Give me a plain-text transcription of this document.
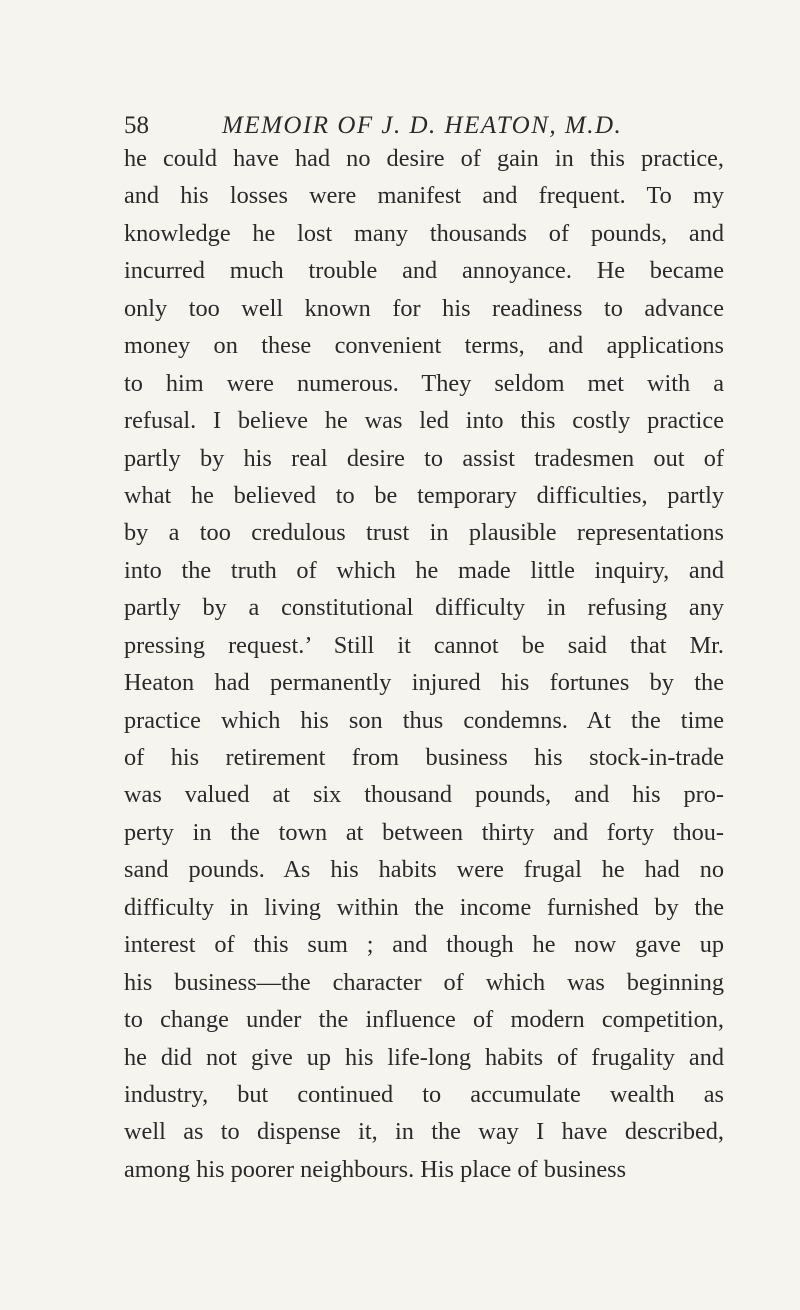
58	MEMOIR OF J. D. HEATON, M.D.
he could have had no desire of gain in this practice,
and his losses were manifest and frequent. To my
knowledge he lost many thousands of pounds, and
incurred much trouble and annoyance. He became
only too well known for his readiness to advance
money on these convenient terms, and applications
to him were numerous. They seldom met with a
refusal. I believe he was led into this costly practice
partly by his real desire to assist tradesmen out of
what he believed to be temporary difficulties, partly
by a too credulous trust in plausible representations
into the truth of which he made little inquiry, and
partly by a constitutional difficulty in refusing any
pressing request.’ Still it cannot be said that Mr.
Heaton had permanently injured his fortunes by the
practice which his son thus condemns. At the time
of his retirement from business his stock-in-trade
was valued at six thousand pounds, and his pro-
perty in the town at between thirty and forty thou-
sand pounds. As his habits were frugal he had no
difficulty in living within the income furnished by the
interest of this sum ; and though he now gave up
his business—the character of which was beginning
to change under the influence of modern competition,
he did not give up his life-long habits of frugality and
industry, but continued to accumulate wealth as
well as to dispense it, in the way I have described,
among his poorer neighbours. His place of business
